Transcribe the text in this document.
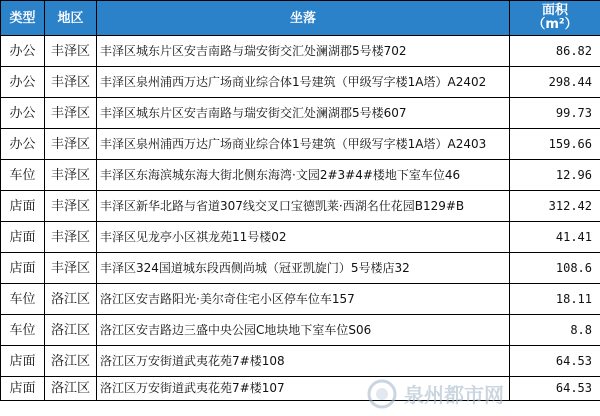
类型	地区	坐落	面积
（m²）

办公	丰泽区	丰泽区城东片区安吉南路与瑞安街交汇处澜湖郡5号楼702	86.82
办公	丰泽区	丰泽区泉州浦西万达广场商业综合体1号建筑（甲级写字楼1A塔）A2402	298.44
办公	丰泽区	丰泽区城东片区安吉南路与瑞安街交汇处澜湖郡5号楼607	99.73
办公	丰泽区	丰泽区泉州浦西万达广场商业综合体1号建筑（甲级写字楼1A塔）A2403	159.66
车位	丰泽区	丰泽区东海滨城东海大街北侧东海湾·文园2#3#4#楼地下室车位46	12.96
店面	丰泽区	丰泽区新华北路与省道307线交叉口宝德凯莱·西湖名仕花园B129#B	312.42
店面	丰泽区	丰泽区见龙亭小区祺龙苑11号楼02	41.41
店面	丰泽区	丰泽区324国道城东段西侧尚城（冠亚凯旋门）5号楼店32	108.6
车位	洛江区	洛江区安吉路阳光·美尔奇住宅小区停车位车157	18.11
车位	洛江区	洛江区安吉路边三盛中央公园C地块地下室车位S06	8.8
店面	洛江区	洛江区万安街道武夷花苑7#楼108	64.53
店面	洛江区	洛江区万安街道武夷花苑7#楼107	64.53
泉州都市网
